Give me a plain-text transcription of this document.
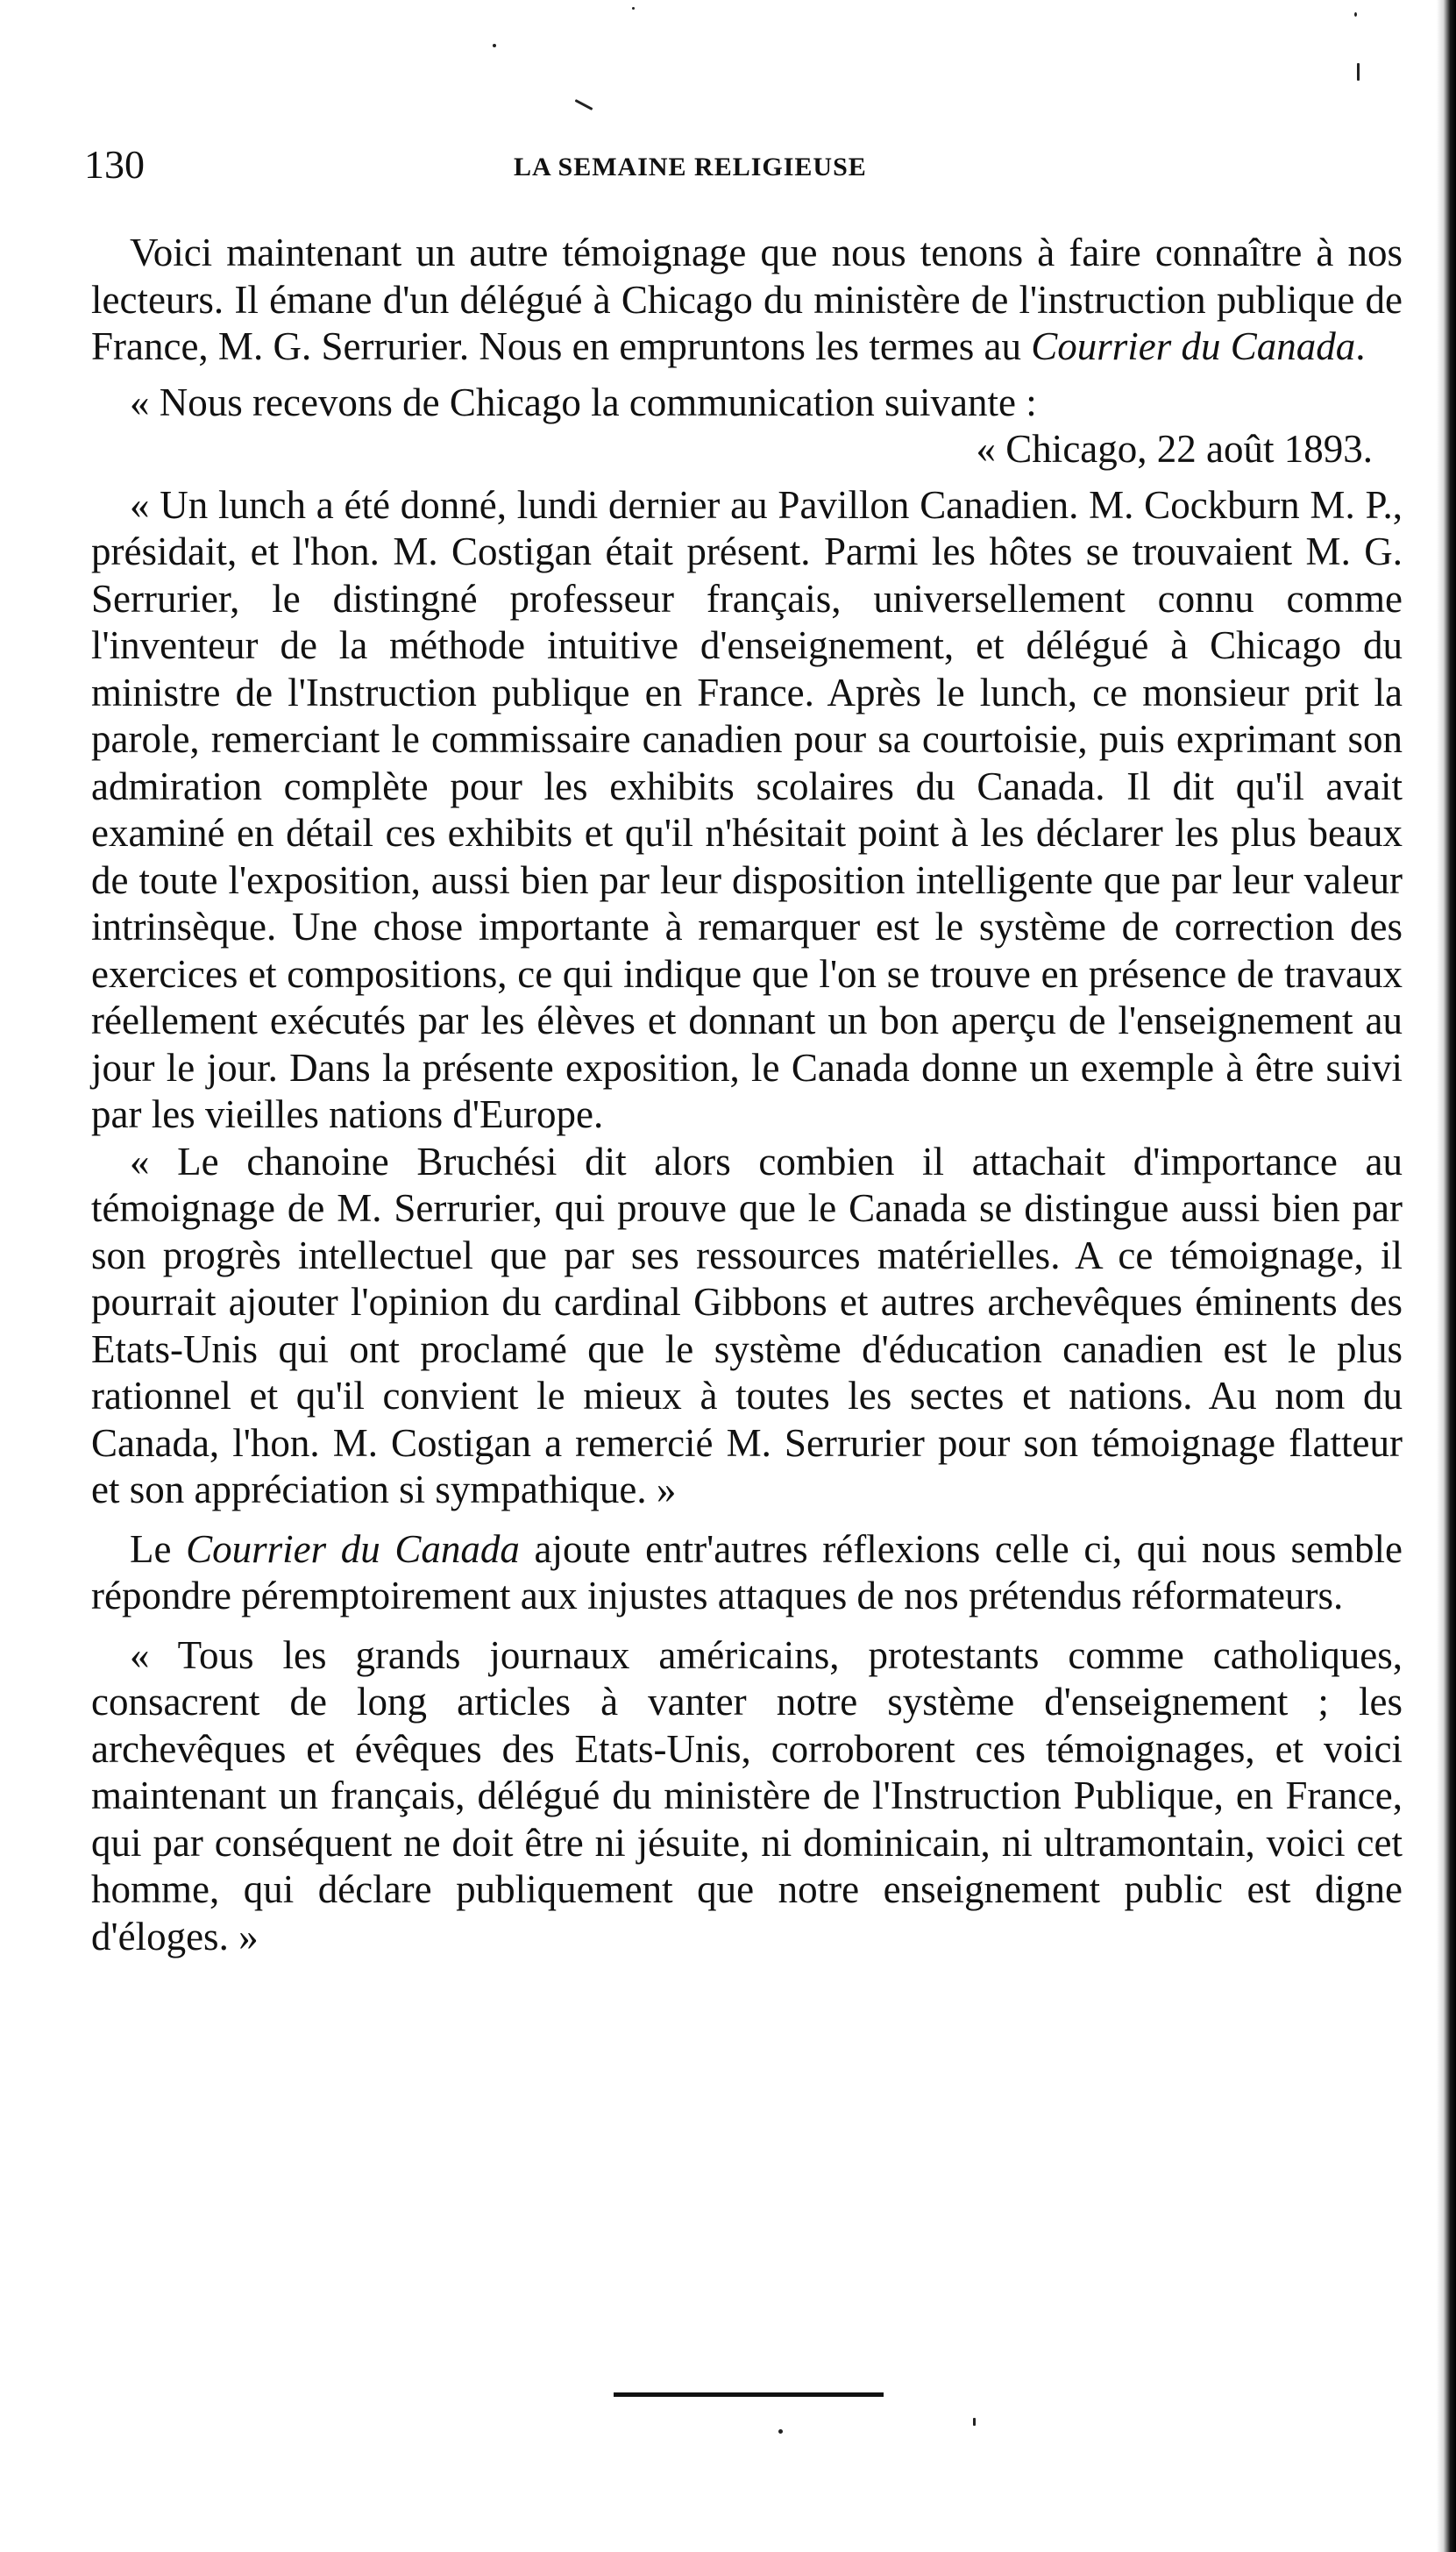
130	LA SEMAINE RELIGIEUSE

Voici maintenant un autre témoignage que nous tenons à faire connaître à nos lecteurs. Il émane d'un délégué à Chicago du ministère de l'instruction publique de France, M. G. Serrurier. Nous en empruntons les termes au Courrier du Canada.

« Nous recevons de Chicago la communication suivante :

« Chicago, 22 août 1893.

« Un lunch a été donné, lundi dernier au Pavillon Canadien. M. Cockburn M. P., présidait, et l'hon. M. Costigan était présent. Parmi les hôtes se trouvaient M. G. Serrurier, le distingné professeur français, universellement connu comme l'inventeur de la méthode intuitive d'enseignement, et délégué à Chicago du ministre de l'Instruction publique en France. Après le lunch, ce monsieur prit la parole, remerciant le commissaire canadien pour sa courtoisie, puis exprimant son admiration complète pour les exhibits scolaires du Canada. Il dit qu'il avait examiné en détail ces exhibits et qu'il n'hésitait point à les déclarer les plus beaux de toute l'exposition, aussi bien par leur disposition intelligente que par leur valeur intrinsèque. Une chose importante à remarquer est le système de correction des exercices et compositions, ce qui indique que l'on se trouve en présence de travaux réellement exécutés par les élèves et donnant un bon aperçu de l'enseignement au jour le jour. Dans la présente exposition, le Canada donne un exemple à être suivi par les vieilles nations d'Europe.

« Le chanoine Bruchési dit alors combien il attachait d'importance au témoignage de M. Serrurier, qui prouve que le Canada se distingue aussi bien par son progrès intellectuel que par ses ressources matérielles. A ce témoignage, il pourrait ajouter l'opinion du cardinal Gibbons et autres archevêques éminents des Etats-Unis qui ont proclamé que le système d'éducation canadien est le plus rationnel et qu'il convient le mieux à toutes les sectes et nations. Au nom du Canada, l'hon. M. Costigan a remercié M. Serrurier pour son témoignage flatteur et son appréciation si sympathique. »

Le Courrier du Canada ajoute entr'autres réflexions celle ci, qui nous semble répondre péremptoirement aux injustes attaques de nos prétendus réformateurs.

« Tous les grands journaux américains, protestants comme catholiques, consacrent de long articles à vanter notre système d'enseignement ; les archevêques et évêques des Etats-Unis, corroborent ces témoignages, et voici maintenant un français, délégué du ministère de l'Instruction Publique, en France, qui par conséquent ne doit être ni jésuite, ni dominicain, ni ultramontain, voici cet homme, qui déclare publiquement que notre enseignement public est digne d'éloges. »
